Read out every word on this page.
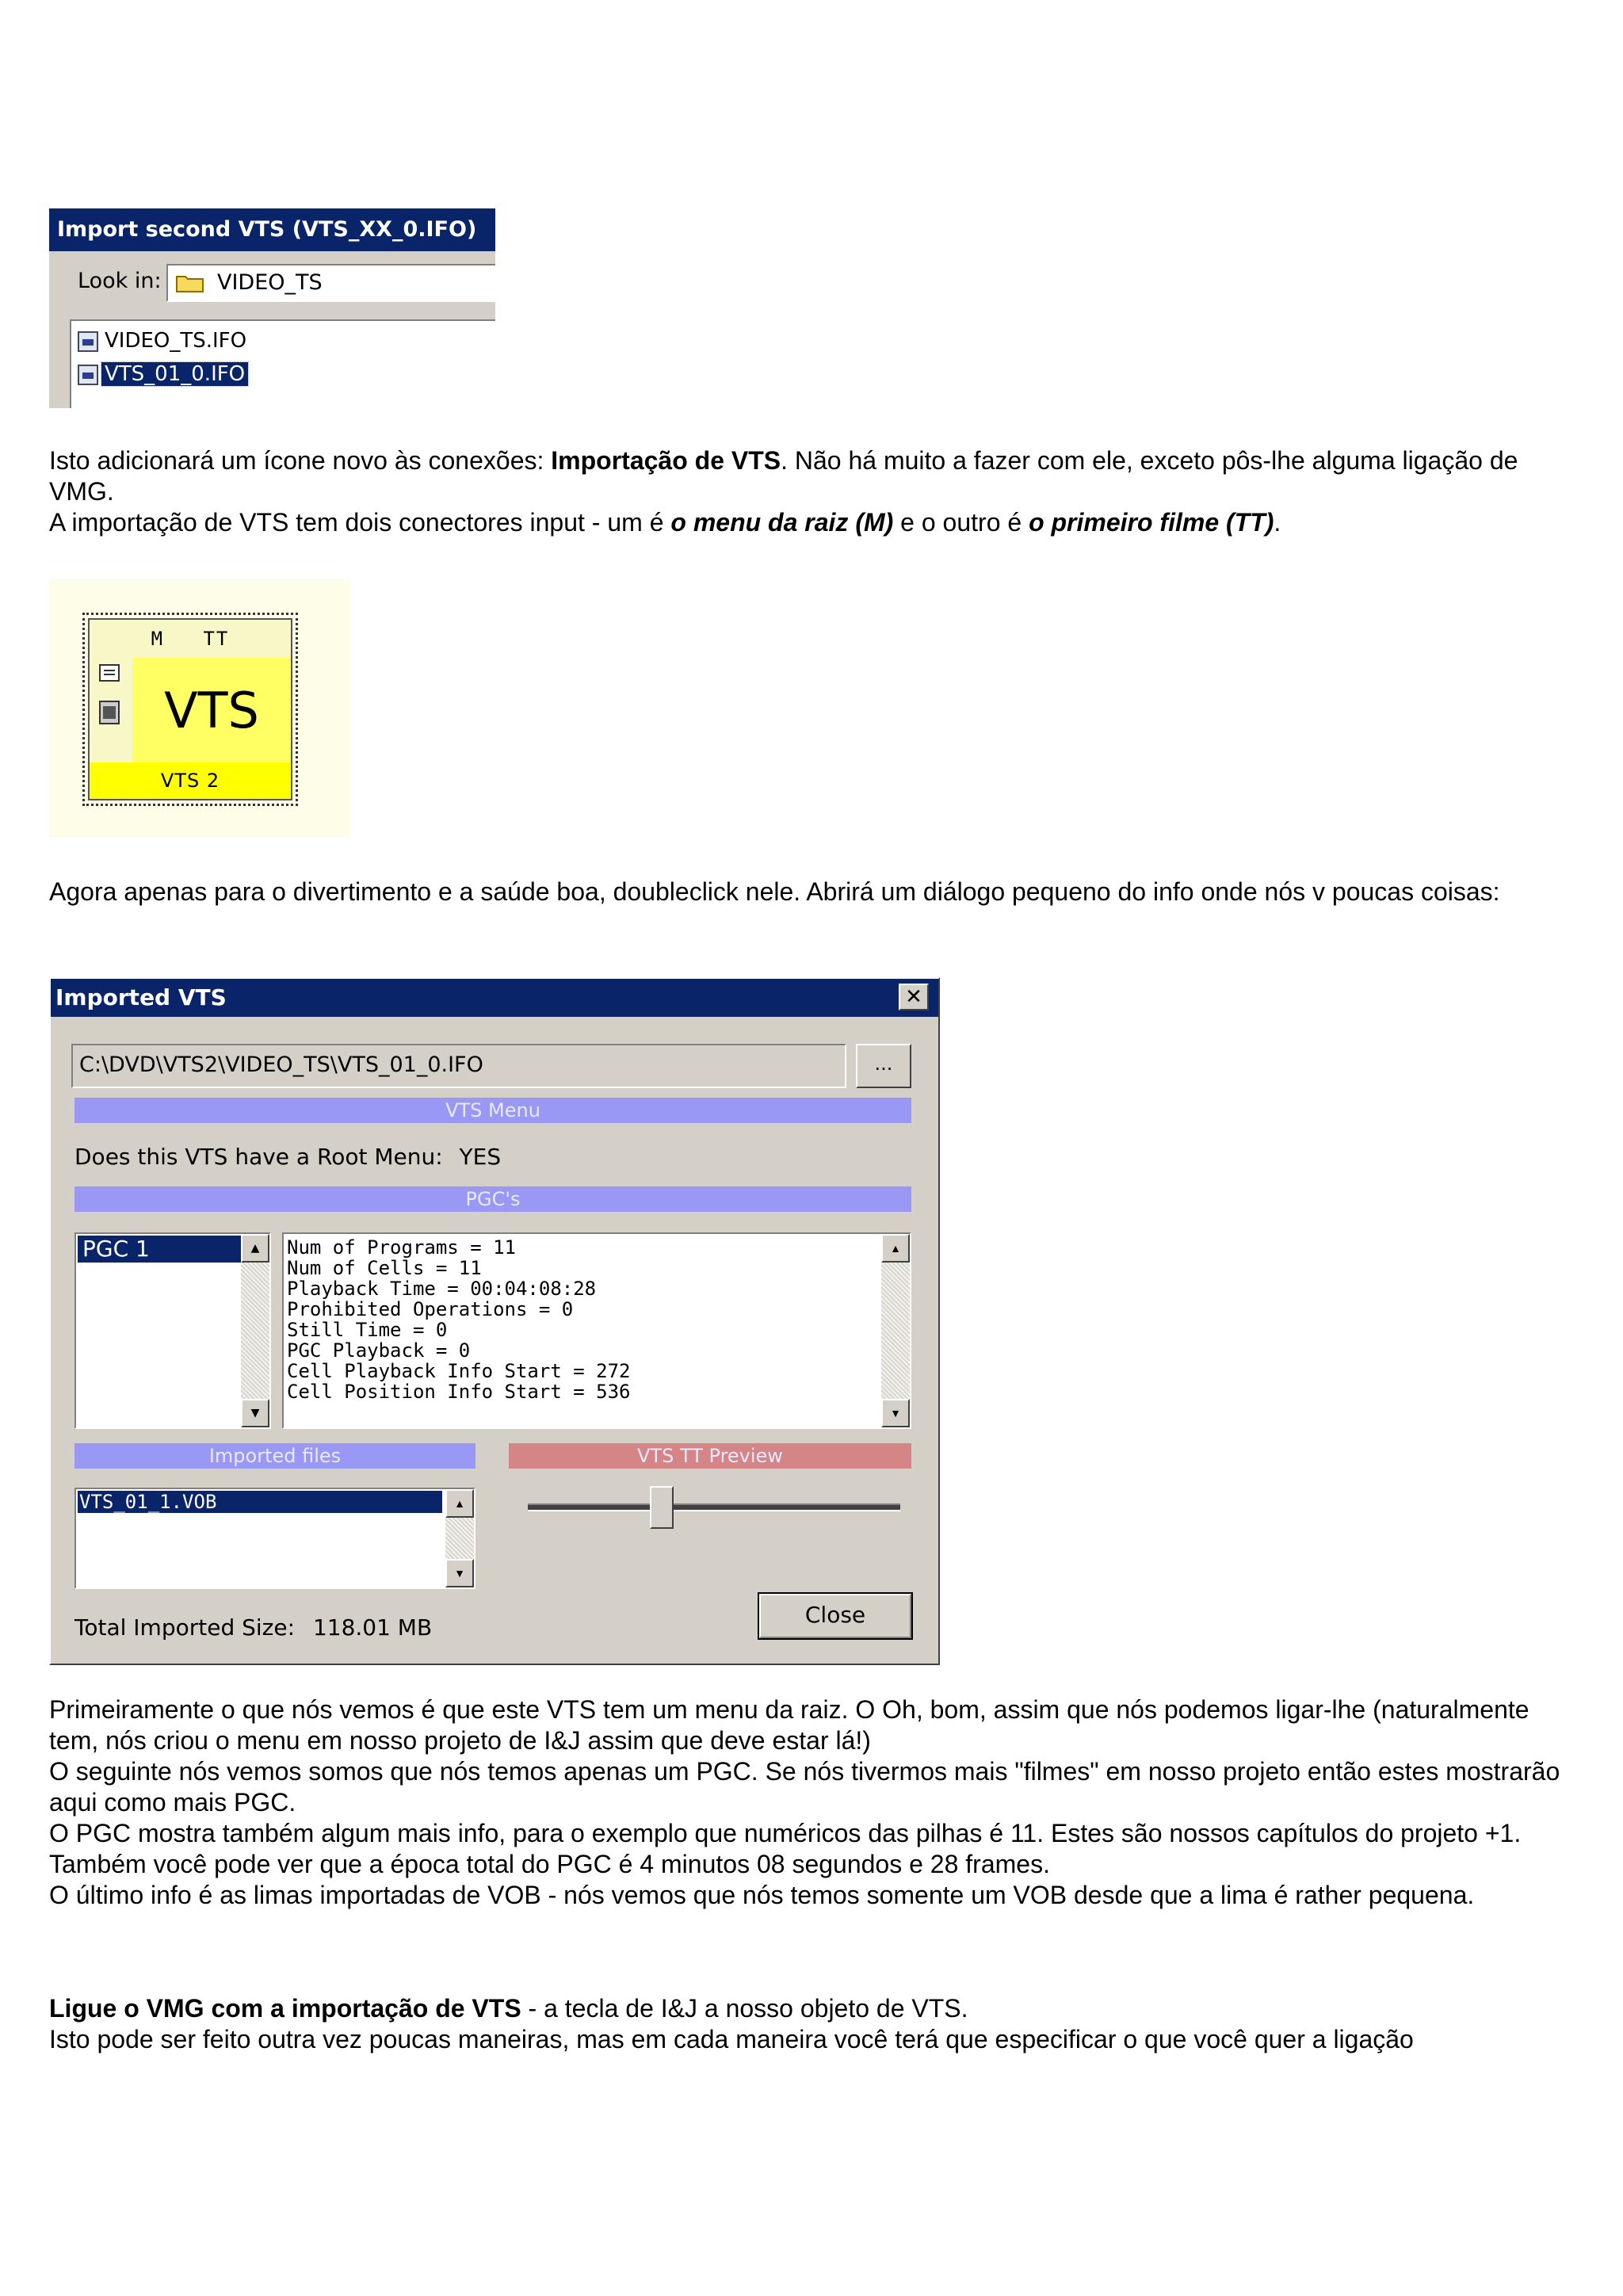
Import second VTS (VTS_XX_0.IFO)
Look in:	VIDEO_TS
VIDEO_TS.IFO
VTS_01_0.IFO

Isto adicionará um ícone novo às conexões: Importação de VTS. Não há muito a fazer com ele, exceto pôs-lhe alguma ligação de VMG.

A importação de VTS tem dois conectores input - um é o menu da raiz (M) e o outro é o primeiro filme (TT).

M   TT
VTS
VTS 2

Agora apenas para o divertimento e a saúde boa, doubleclick nele. Abrirá um diálogo pequeno do info onde nós v poucas coisas:

Imported VTS	✕
C:\DVD\VTS2\VIDEO_TS\VTS_01_0.IFO	...
VTS Menu
Does this VTS have a Root Menu: YES
PGC's
PGC 1	▲
▼
Num of Programs = 11
Num of Cells = 11
Playback Time = 00:04:08:28
Prohibited Operations = 0
Still Time = 0
PGC Playback = 0
Cell Playback Info Start = 272
Cell Position Info Start = 536
▲
▼
Imported files	VTS TT Preview
VTS_01_1.VOB	▲
▼
Total Imported Size: 118.01 MB	Close

Primeiramente o que nós vemos é que este VTS tem um menu da raiz. O Oh, bom, assim que nós podemos ligar-lhe (naturalmente tem, nós criou o menu em nosso projeto de I&J assim que deve estar lá!)

O seguinte nós vemos somos que nós temos apenas um PGC. Se nós tivermos mais "filmes" em nosso projeto então estes mostrarão aqui como mais PGC.

O PGC mostra também algum mais info, para o exemplo que numéricos das pilhas é 11. Estes são nossos capítulos do projeto +1. Também você pode ver que a época total do PGC é 4 minutos 08 segundos e 28 frames.

O último info é as limas importadas de VOB - nós vemos que nós temos somente um VOB desde que a lima é rather pequena.

Ligue o VMG com a importação de VTS - a tecla de I&J a nosso objeto de VTS.

Isto pode ser feito outra vez poucas maneiras, mas em cada maneira você terá que especificar o que você quer a ligação
